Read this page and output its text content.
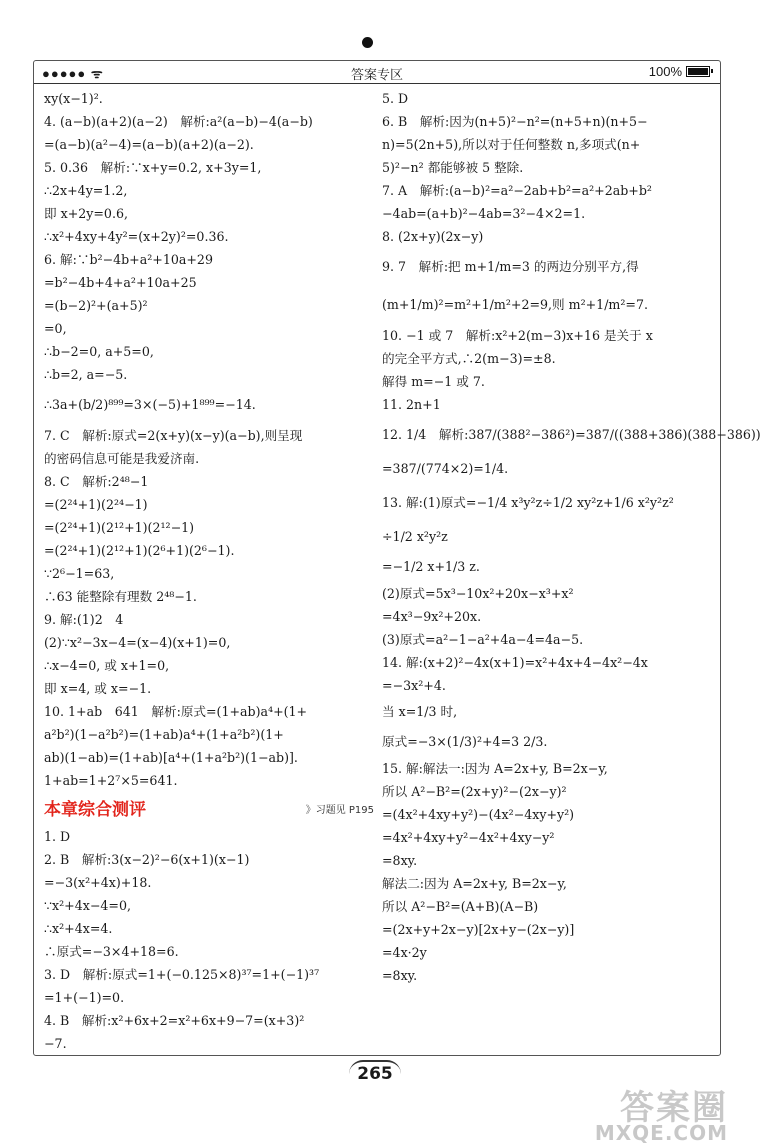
●●●●● ᯤ	答案专区	100%
xy(x−1)².
4. (a−b)(a+2)(a−2)　解析:a²(a−b)−4(a−b)
=(a−b)(a²−4)=(a−b)(a+2)(a−2).
5. 0.36　解析:∵x+y=0.2, x+3y=1,
∴2x+4y=1.2,
即 x+2y=0.6,
∴x²+4xy+4y²=(x+2y)²=0.36.
6. 解:∵b²−4b+a²+10a+29
=b²−4b+4+a²+10a+25
=(b−2)²+(a+5)²
=0,
∴b−2=0, a+5=0,
∴b=2, a=−5.
∴3a+(b/2)⁸⁹⁹=3×(−5)+1⁸⁹⁹=−14.
7. C　解析:原式=2(x+y)(x−y)(a−b),则呈现
的密码信息可能是我爱济南.
8. C　解析:2⁴⁸−1
=(2²⁴+1)(2²⁴−1)
=(2²⁴+1)(2¹²+1)(2¹²−1)
=(2²⁴+1)(2¹²+1)(2⁶+1)(2⁶−1).
∵2⁶−1=63,
∴63 能整除有理数 2⁴⁸−1.
9. 解:(1)2　4
(2)∵x²−3x−4=(x−4)(x+1)=0,
∴x−4=0, 或 x+1=0,
即 x=4, 或 x=−1.
10. 1+ab　641　解析:原式=(1+ab)a⁴+(1+
a²b²)(1−a²b²)=(1+ab)a⁴+(1+a²b²)(1+
ab)(1−ab)=(1+ab)[a⁴+(1+a²b²)(1−ab)].
1+ab=1+2⁷×5=641.
本章综合测评	》习题见 P195
1. D
2. B　解析:3(x−2)²−6(x+1)(x−1)
=−3(x²+4x)+18.
∵x²+4x−4=0,
∴x²+4x=4.
∴原式=−3×4+18=6.
3. D　解析:原式=1+(−0.125×8)³⁷=1+(−1)³⁷
=1+(−1)=0.
4. B　解析:x²+6x+2=x²+6x+9−7=(x+3)²
−7.
5. D
6. B　解析:因为(n+5)²−n²=(n+5+n)(n+5−
n)=5(2n+5),所以对于任何整数 n,多项式(n+
5)²−n² 都能够被 5 整除.
7. A　解析:(a−b)²=a²−2ab+b²=a²+2ab+b²
−4ab=(a+b)²−4ab=3²−4×2=1.
8. (2x+y)(2x−y)
9. 7　解析:把 m+1/m=3 的两边分别平方,得
(m+1/m)²=m²+1/m²+2=9,则 m²+1/m²=7.
10. −1 或 7　解析:x²+2(m−3)x+16 是关于 x
的完全平方式,∴2(m−3)=±8.
解得 m=−1 或 7.
11. 2n+1
12. 1/4　解析:387/(388²−386²)=387/((388+386)(388−386))
=387/(774×2)=1/4.
13. 解:(1)原式=−1/4 x³y²z÷1/2 xy²z+1/6 x²y²z²
÷1/2 x²y²z
=−1/2 x+1/3 z.
(2)原式=5x³−10x²+20x−x³+x²
=4x³−9x²+20x.
(3)原式=a²−1−a²+4a−4=4a−5.
14. 解:(x+2)²−4x(x+1)=x²+4x+4−4x²−4x
=−3x²+4.
当 x=1/3 时,
原式=−3×(1/3)²+4=3 2/3.
15. 解:解法一:因为 A=2x+y, B=2x−y,
所以 A²−B²=(2x+y)²−(2x−y)²
=(4x²+4xy+y²)−(4x²−4xy+y²)
=4x²+4xy+y²−4x²+4xy−y²
=8xy.
解法二:因为 A=2x+y, B=2x−y,
所以 A²−B²=(A+B)(A−B)
=(2x+y+2x−y)[2x+y−(2x−y)]
=4x·2y
=8xy.
265
答案圈
MXQE.COM
